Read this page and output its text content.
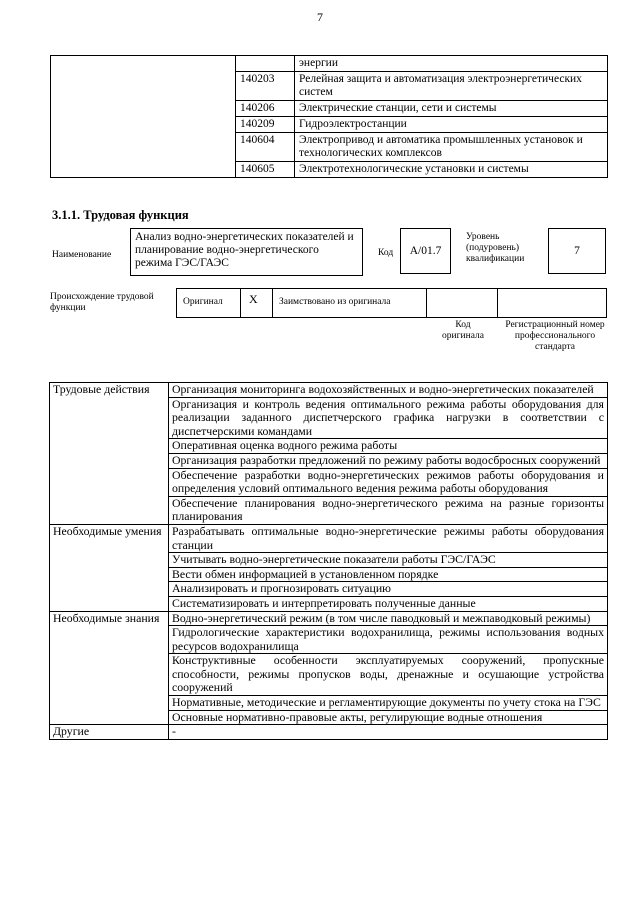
7
		энергии
	140203	Релейная защита и автоматизация электроэнергетических систем
	140206	Электрические станции, сети и системы
	140209	Гидроэлектростанции
	140604	Электропривод и автоматика промышленных установок и технологических комплексов
	140605	Электротехнологические установки и системы
3.1.1. Трудовая функция
Наименование
Анализ водно-энергетических показателей и планирование водно-энергетического режима ГЭС/ГАЭС
Код	A/01.7
Уровень (подуровень) квалификации
7
Происхождение трудовой функции
Оригинал X Заимствовано из оригинала
Код оригинала
Регистрационный номер профессионального стандарта
Трудовые действия	Организация мониторинга водохозяйственных и водно-энергетических показателей
	Организация и контроль ведения оптимального режима работы оборудования для реализации заданного диспетчерского графика нагрузки в соответствии с диспетчерскими командами
	Оперативная оценка водного режима работы
	Организация разработки предложений по режиму работы водосбросных сооружений
	Обеспечение разработки водно-энергетических режимов работы оборудования и определения условий оптимального ведения режима работы оборудования
	Обеспечение планирования водно-энергетического режима на разные горизонты планирования
Необходимые умения	Разрабатывать оптимальные водно-энергетические режимы работы оборудования станции
	Учитывать водно-энергетические показатели работы ГЭС/ГАЭС
	Вести обмен информацией в установленном порядке
	Анализировать и прогнозировать ситуацию
	Систематизировать и интерпретировать полученные данные
Необходимые знания	Водно-энергетический режим (в том числе паводковый и межпаводковый режимы)
	Гидрологические характеристики водохранилища, режимы использования водных ресурсов водохранилища
	Конструктивные особенности эксплуатируемых сооружений, пропускные способности, режимы пропусков воды, дренажные и осушающие устройства сооружений
	Нормативные, методические и регламентирующие документы по учету стока на ГЭС
	Основные нормативно-правовые акты, регулирующие водные отношения
Другие	-
